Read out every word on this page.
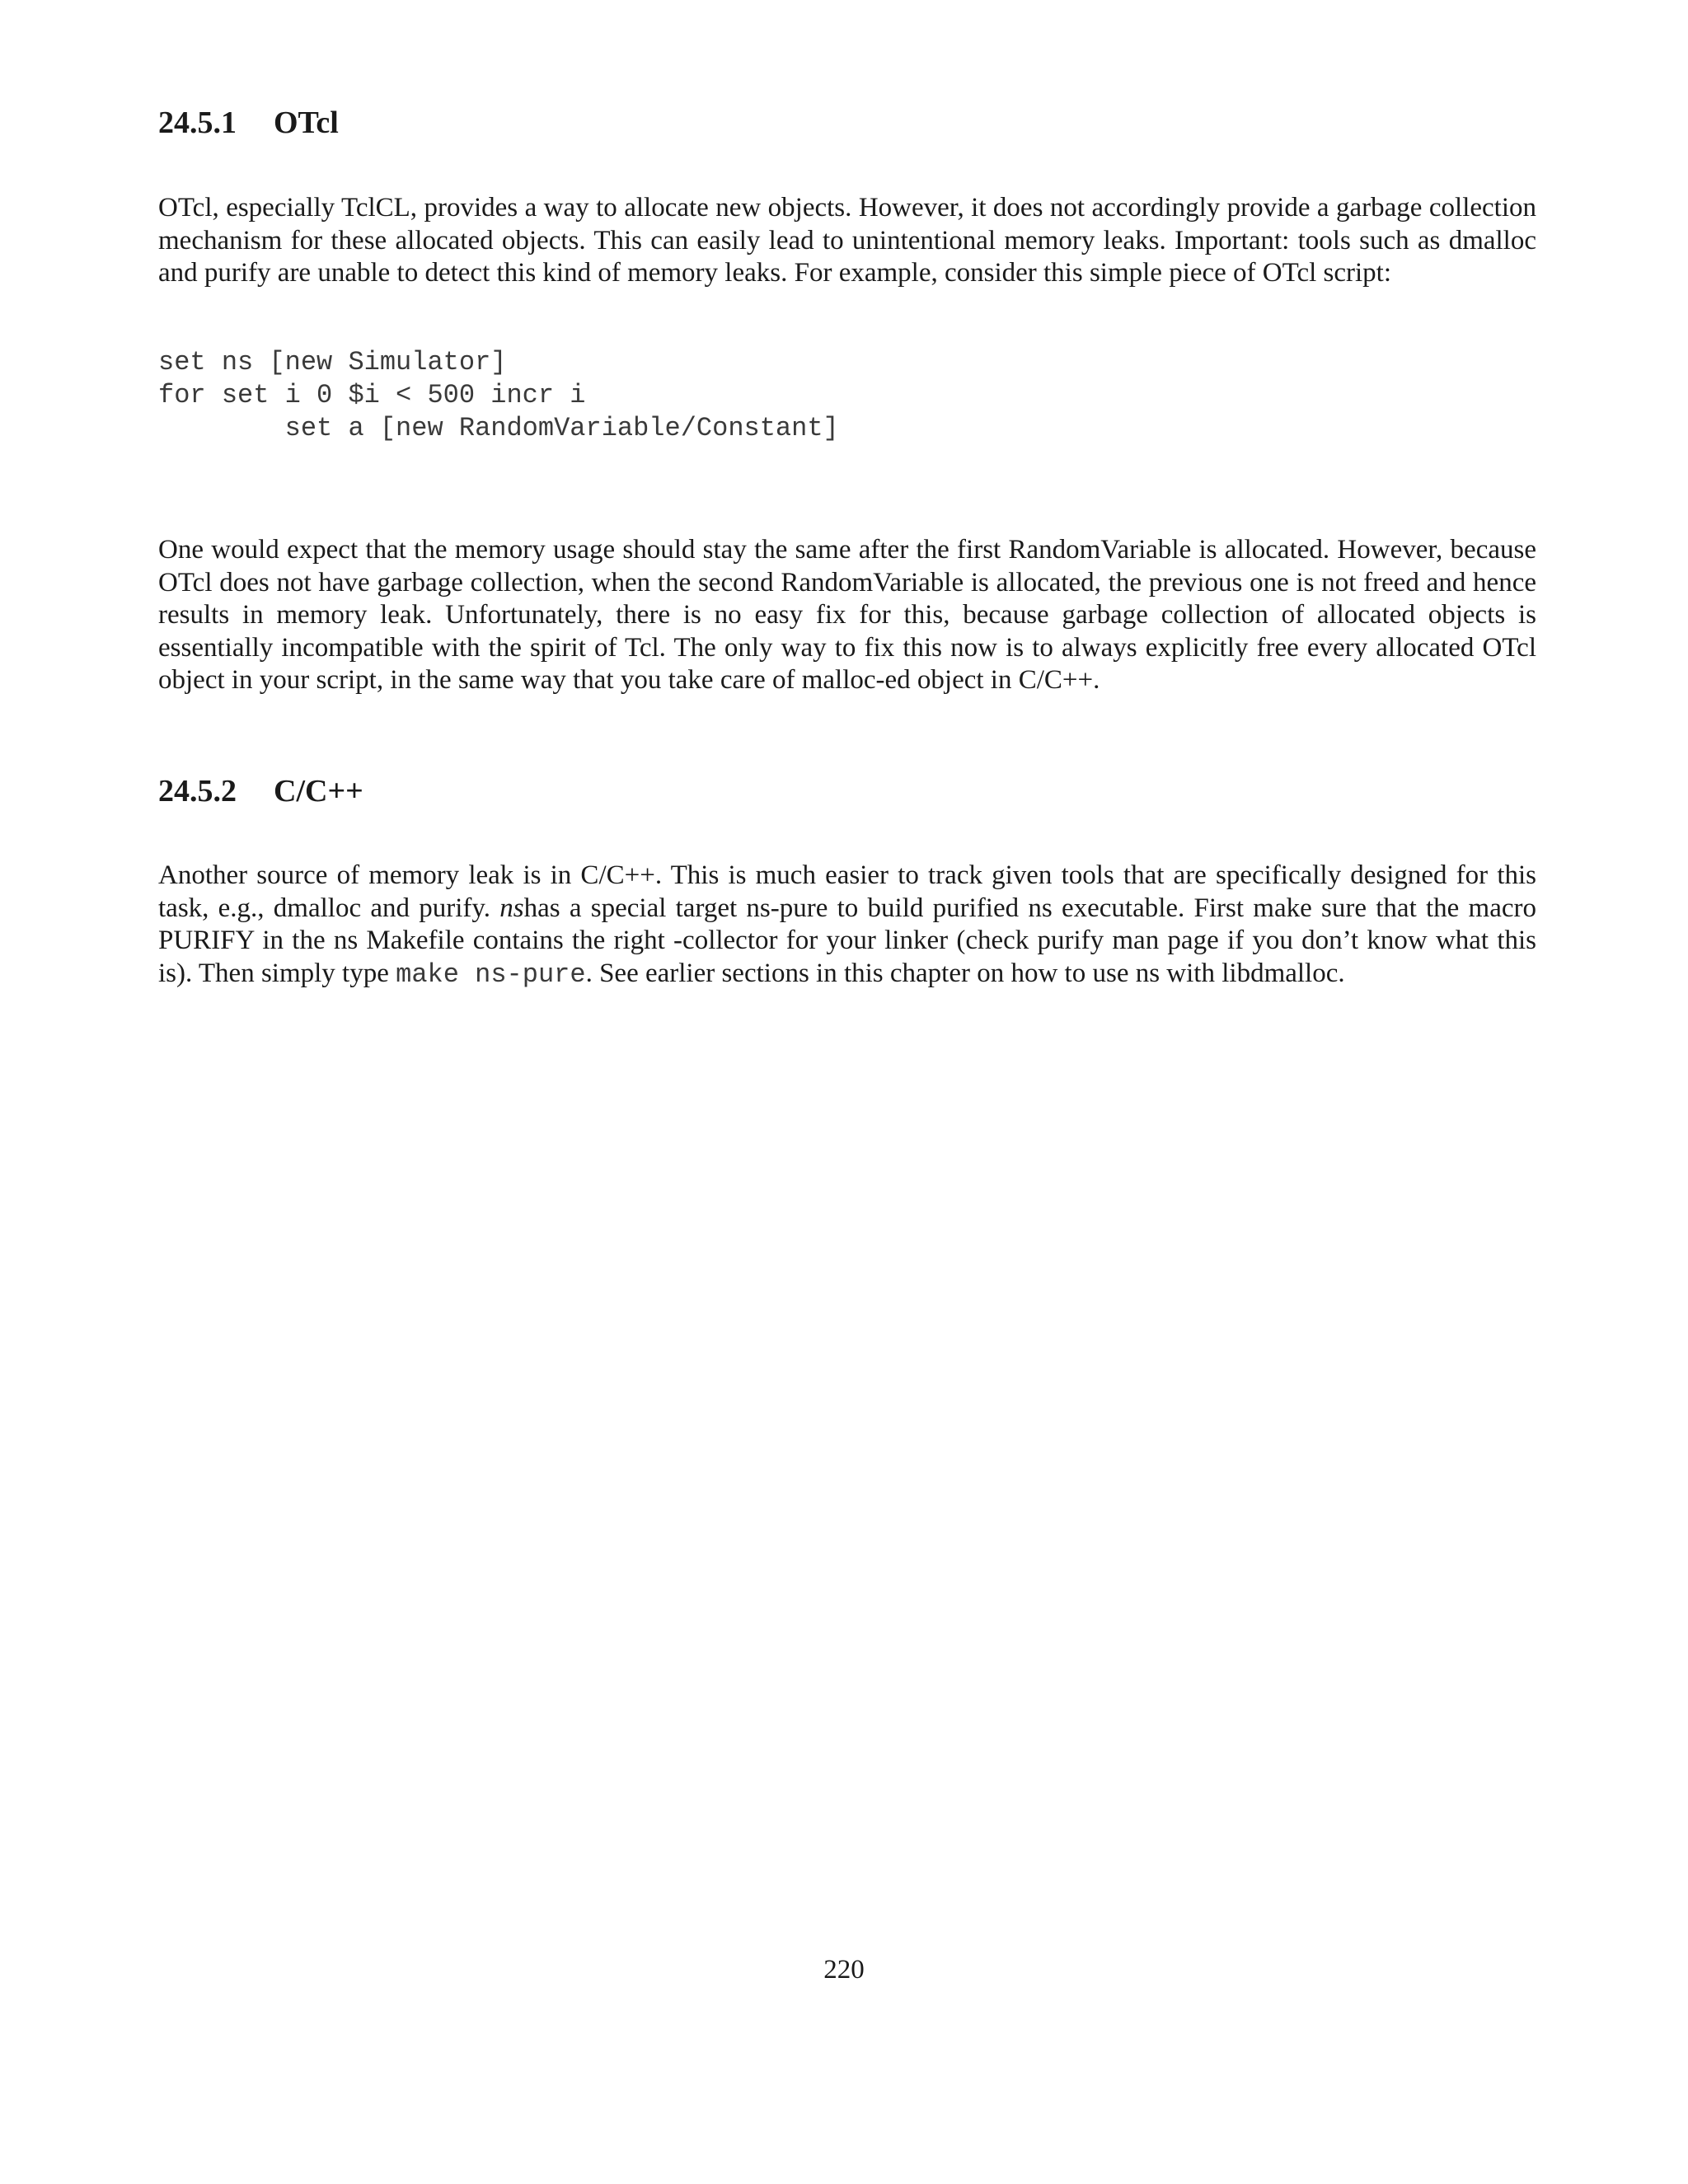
24.5.1 OTcl

OTcl, especially TclCL, provides a way to allocate new objects. However, it does not accordingly provide a garbage collection mechanism for these allocated objects. This can easily lead to unintentional memory leaks. Important: tools such as dmalloc and purify are unable to detect this kind of memory leaks. For example, consider this simple piece of OTcl script:

set ns [new Simulator]
for set i 0 $i < 500 incr i
set a [new RandomVariable/Constant]

One would expect that the memory usage should stay the same after the first RandomVariable is allocated. However, because OTcl does not have garbage collection, when the second RandomVariable is allocated, the previous one is not freed and hence results in memory leak. Unfortunately, there is no easy fix for this, because garbage collection of allocated objects is essentially incompatible with the spirit of Tcl. The only way to fix this now is to always explicitly free every allocated OTcl object in your script, in the same way that you take care of malloc-ed object in C/C++.

24.5.2 C/C++

Another source of memory leak is in C/C++. This is much easier to track given tools that are specifically designed for this task, e.g., dmalloc and purify. nshas a special target ns-pure to build purified ns executable. First make sure that the macro PURIFY in the ns Makefile contains the right -collector for your linker (check purify man page if you don’t know what this is). Then simply type make ns-pure. See earlier sections in this chapter on how to use ns with libdmalloc.

220
